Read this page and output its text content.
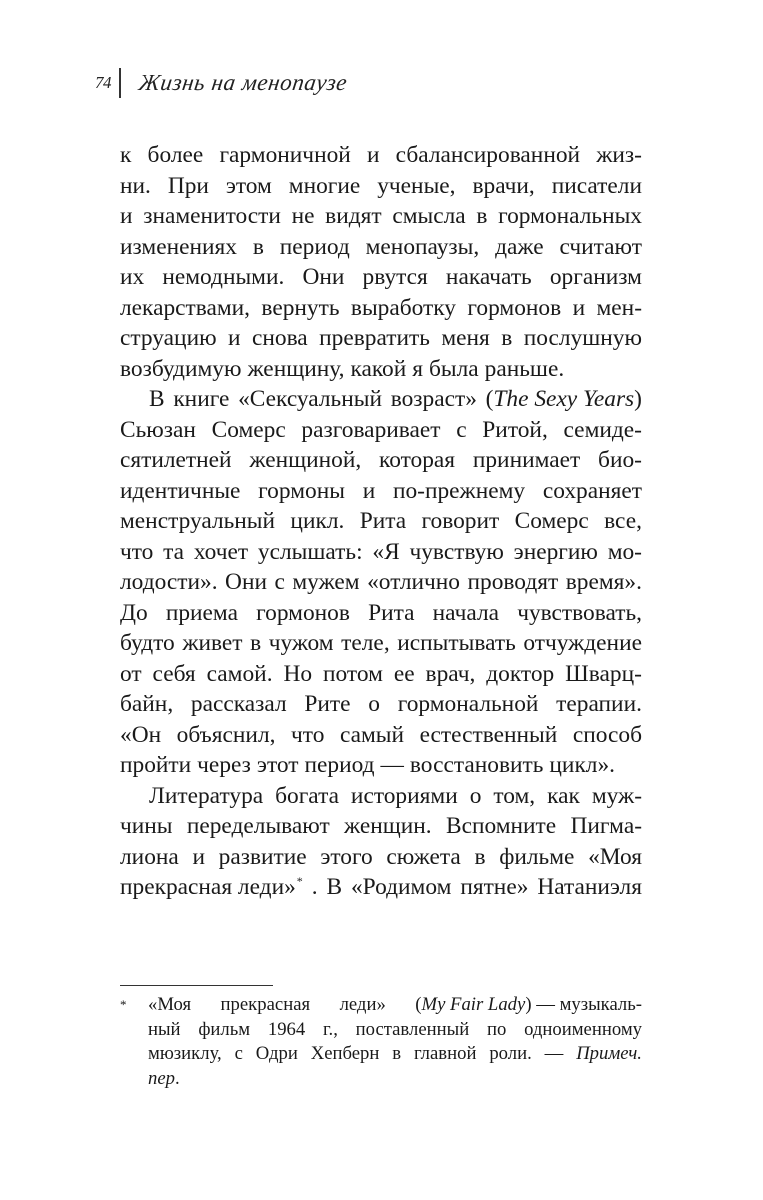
74 Жизнь на менопаузе
к более гармоничной и сбалансированной жиз-
ни. При этом многие ученые, врачи, писатели
и знаменитости не видят смысла в гормональных
изменениях в период менопаузы, даже считают
их немодными. Они рвутся накачать организм
лекарствами, вернуть выработку гормонов и мен-
струацию и снова превратить меня в послушную
возбудимую женщину, какой я была раньше.
В книге «Сексуальный возраст» (The Sexy Years)
Сьюзан Сомерс разговаривает с Ритой, семиде-
сятилетней женщиной, которая принимает био-
идентичные гормоны и по-прежнему сохраняет
менструальный цикл. Рита говорит Сомерс все,
что та хочет услышать: «Я чувствую энергию мо-
лодости». Они с мужем «отлично проводят время».
До приема гормонов Рита начала чувствовать,
будто живет в чужом теле, испытывать отчуждение
от себя самой. Но потом ее врач, доктор Шварц-
байн, рассказал Рите о гормональной терапии.
«Он объяснил, что самый естественный способ
пройти через этот период — восстановить цикл».
Литература богата историями о том, как муж-
чины переделывают женщин. Вспомните Пигма-
лиона и развитие этого сюжета в фильме «Моя
прекрасная леди»* . В «Родимом пятне» Натаниэля
* «Моя прекрасная леди» (My Fair Lady) — музыкаль-
ный фильм 1964 г., поставленный по одноименному
мюзиклу, с Одри Хепберн в главной роли. — Примеч.
пер.
